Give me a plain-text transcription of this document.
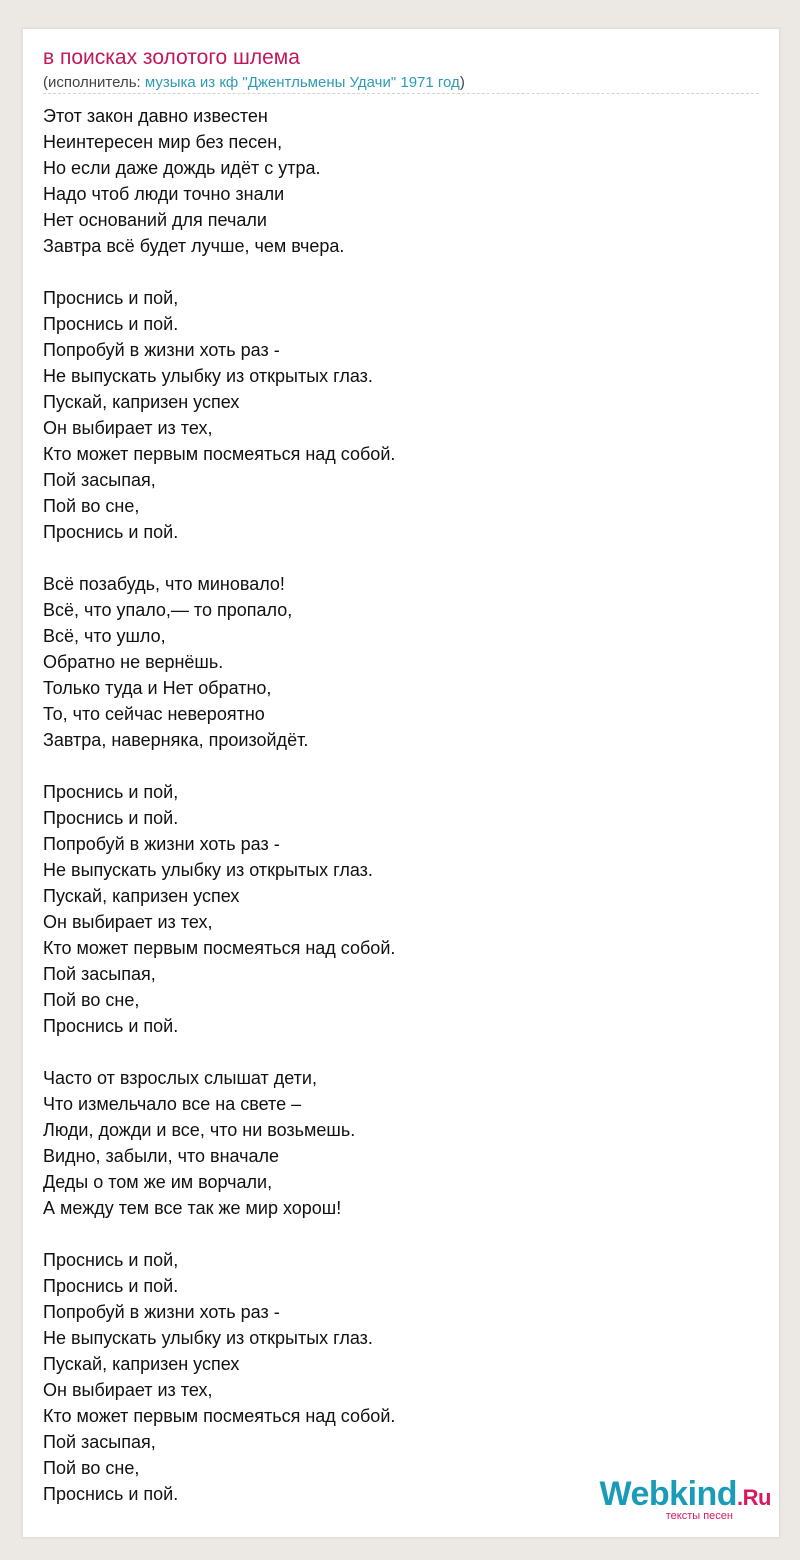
в поисках золотого шлема
(исполнитель: музыка из кф "Джентльмены Удачи" 1971 год)
Этот закон давно известен
Неинтересен мир без песен,
Но если даже дождь идёт с утра.
Надо чтоб люди точно знали
Нет оснований для печали
Завтра всё будет лучше, чем вчера.
Проснись и пой,
Проснись и пой.
Попробуй в жизни хоть раз -
Не выпускать улыбку из открытых глаз.
Пускай, капризен успех
Он выбирает из тех,
Кто может первым посмеяться над собой.
Пой засыпая,
Пой во сне,
Проснись и пой.
Всё позабудь, что миновало!
Всё, что упало,— то пропало,
Всё, что ушло,
Обратно не вернёшь.
Только туда и Нет обратно,
То, что сейчас невероятно
Завтра, наверняка, произойдёт.
Проснись и пой,
Проснись и пой.
Попробуй в жизни хоть раз -
Не выпускать улыбку из открытых глаз.
Пускай, капризен успех
Он выбирает из тех,
Кто может первым посмеяться над собой.
Пой засыпая,
Пой во сне,
Проснись и пой.
Часто от взрослых слышат дети,
Что измельчало все на свете –
Люди, дожди и все, что ни возьмешь.
Видно, забыли, что вначале
Деды о том же им ворчали,
А между тем все так же мир хорош!
Проснись и пой,
Проснись и пой.
Попробуй в жизни хоть раз -
Не выпускать улыбку из открытых глаз.
Пускай, капризен успех
Он выбирает из тех,
Кто может первым посмеяться над собой.
Пой засыпая,
Пой во сне,
Проснись и пой.	Webkind.Ru
тексты песен
